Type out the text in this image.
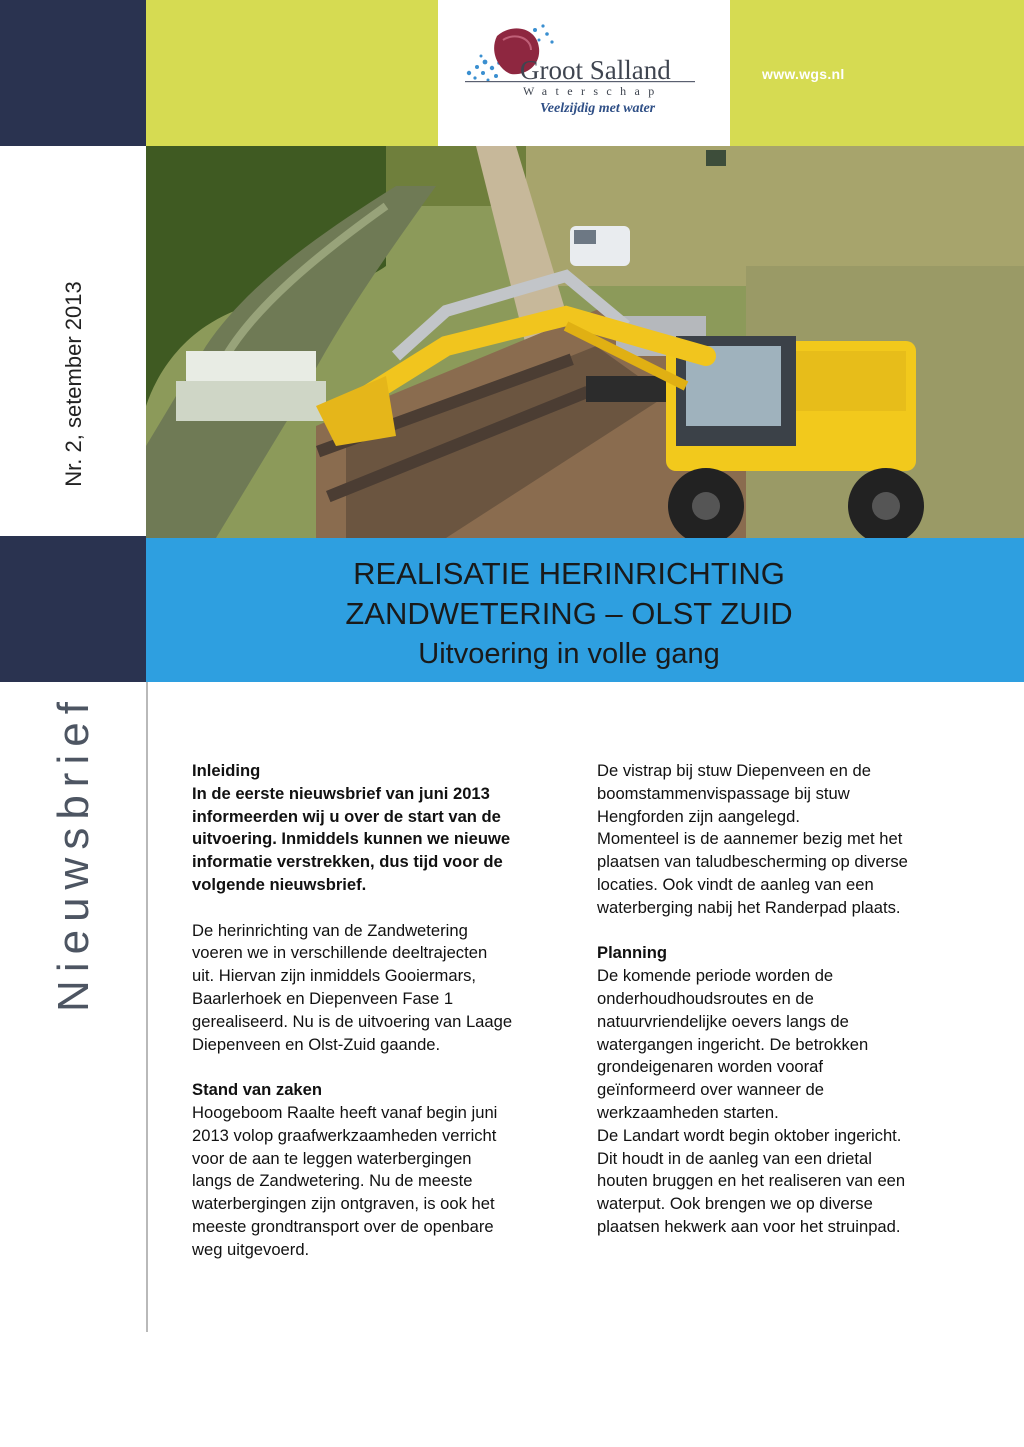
www.wgs.nl
Groot Salland
Waterschap
Veelzijdig met water
Nr. 2, setember 2013
Nieuwsbrief
REALISATIE HERINRICHTING
ZANDWETERING – OLST ZUID
Uitvoering in volle gang

Inleiding

In de eerste nieuwsbrief van juni 2013

informeerden wij u over de start van de

uitvoering. Inmiddels kunnen we nieuwe

informatie verstrekken, dus tijd voor de

volgende nieuwsbrief.

De herinrichting van de Zandwetering

voeren we in verschillende deeltrajecten

uit. Hiervan zijn inmiddels Gooiermars,

Baarlerhoek en Diepenveen Fase 1

gerealiseerd. Nu is de uitvoering van Laage

Diepenveen en Olst-Zuid gaande.

Stand van zaken

Hoogeboom Raalte heeft vanaf begin juni

2013 volop graafwerkzaamheden verricht

voor de aan te leggen waterbergingen

langs de Zandwetering. Nu de meeste

waterbergingen zijn ontgraven, is ook het

meeste grondtransport over de openbare

weg uitgevoerd.

De vistrap bij stuw Diepenveen en de

boomstammenvispassage bij stuw

Hengforden zijn aangelegd.

Momenteel is de aannemer bezig met het

plaatsen van taludbescherming op diverse

locaties. Ook vindt de aanleg van een

waterberging nabij het Randerpad plaats.

Planning

De komende periode worden de

onderhoudhoudsroutes en de

natuurvriendelijke oevers langs de

watergangen ingericht. De betrokken

grondeigenaren worden vooraf

geïnformeerd over wanneer de

werkzaamheden starten.

De Landart wordt begin oktober ingericht.

Dit houdt in de aanleg van een drietal

houten bruggen en het realiseren van een

waterput. Ook brengen we op diverse

plaatsen hekwerk aan voor het struinpad.
